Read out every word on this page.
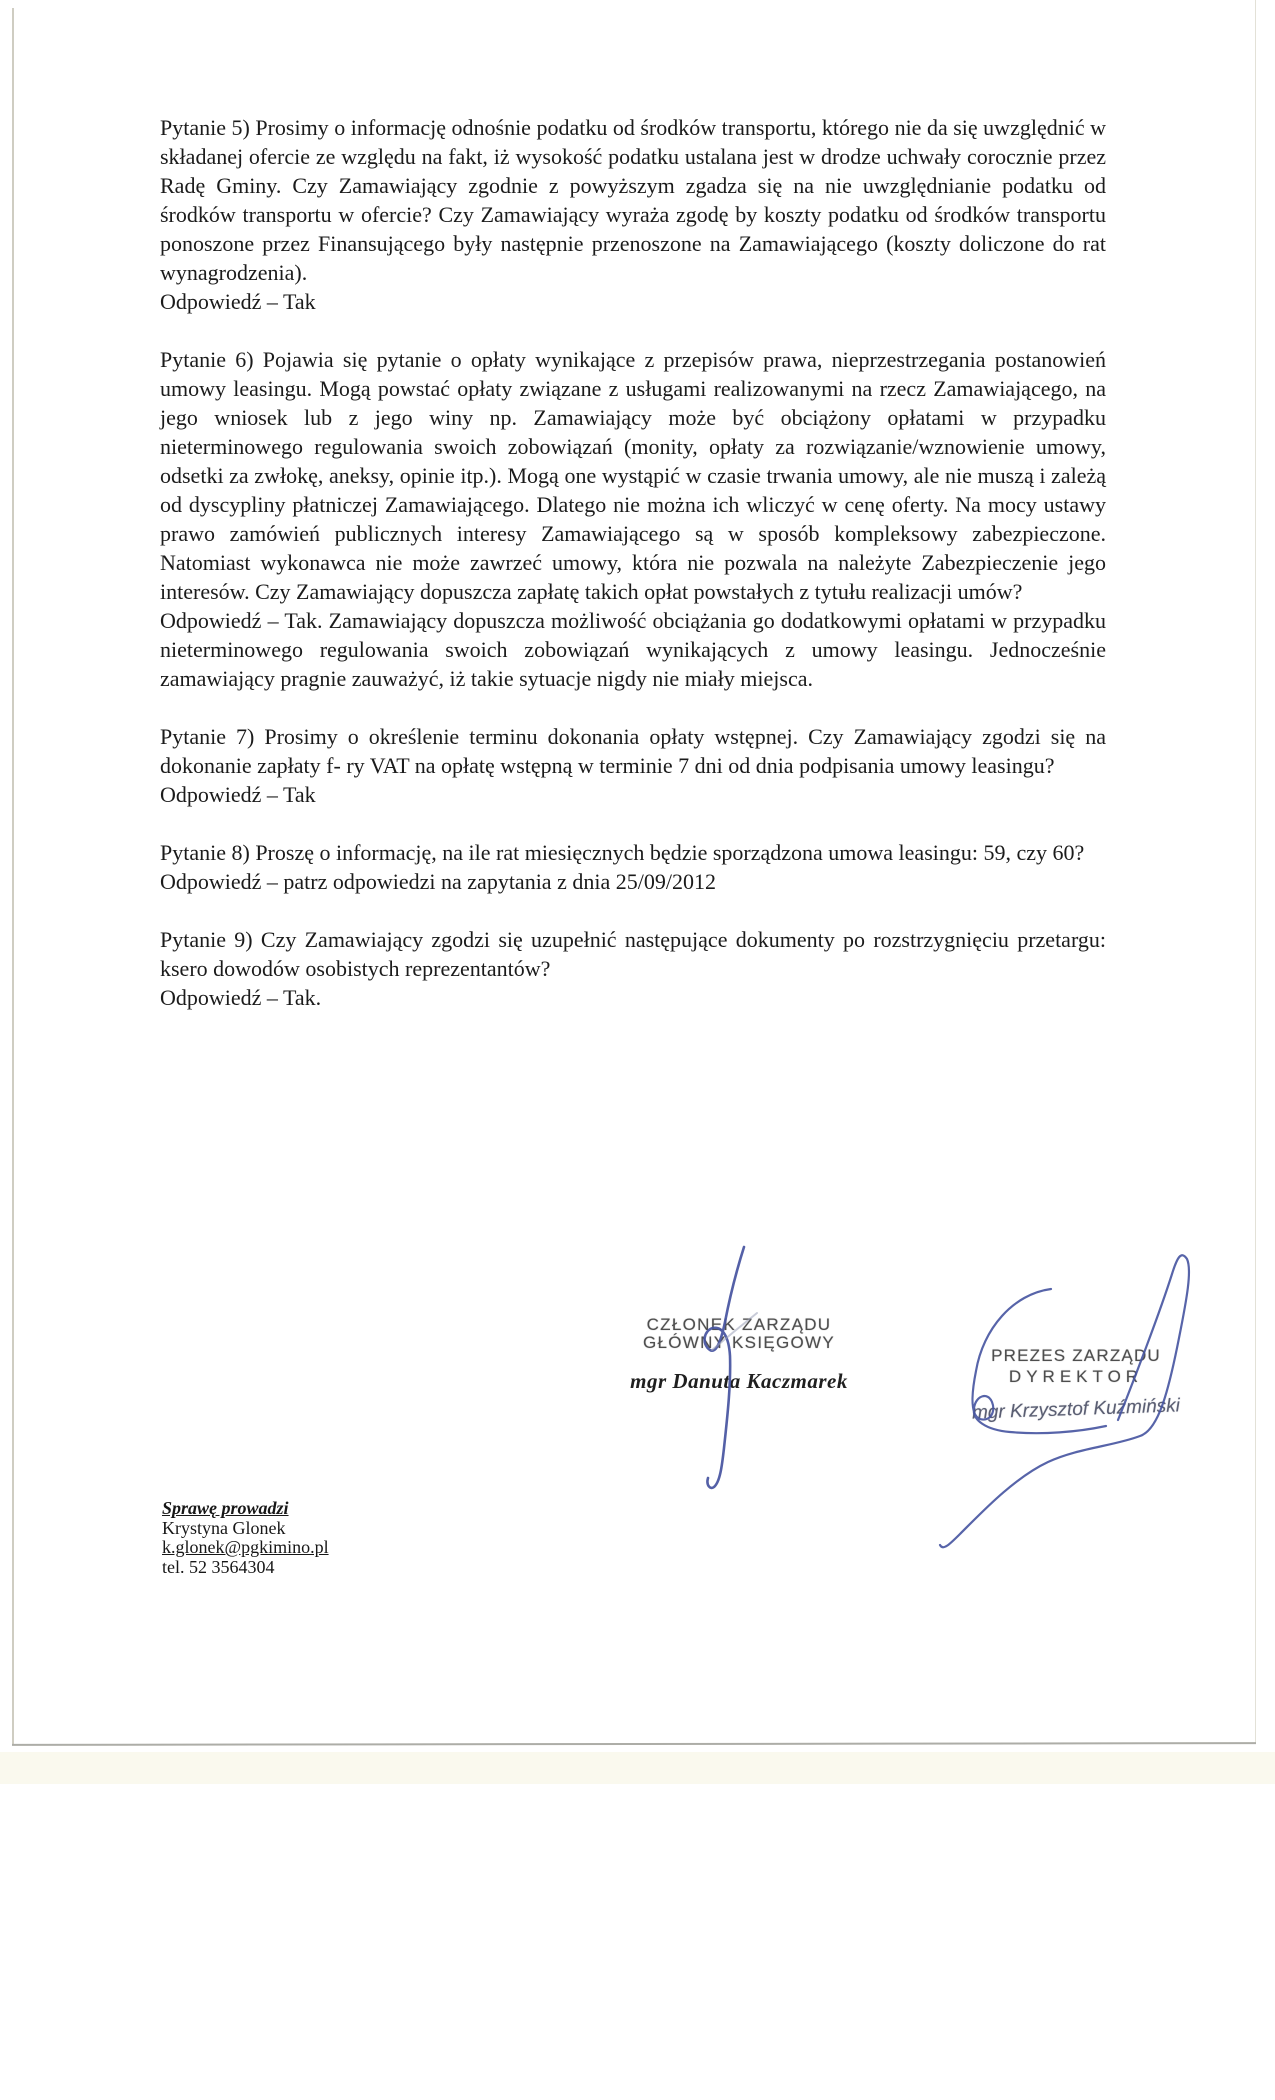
Pytanie 5) Prosimy o informację odnośnie podatku od środków transportu, którego nie da się uwzględnić w składanej ofercie ze względu na fakt, iż wysokość podatku ustalana jest w drodze uchwały corocznie przez Radę Gminy. Czy Zamawiający zgodnie z powyższym zgadza się na nie uwzględnianie podatku od środków transportu w ofercie? Czy Zamawiający wyraża zgodę by koszty podatku od środków transportu ponoszone przez Finansującego były następnie przenoszone na Zamawiającego (koszty doliczone do rat wynagrodzenia).

Odpowiedź – Tak

Pytanie 6) Pojawia się pytanie o opłaty wynikające z przepisów prawa, nieprzestrzegania postanowień umowy leasingu. Mogą powstać opłaty związane z usługami realizowanymi na rzecz Zamawiającego, na jego wniosek lub z jego winy np. Zamawiający może być obciążony opłatami w przypadku nieterminowego regulowania swoich zobowiązań (monity, opłaty za rozwiązanie/wznowienie umowy, odsetki za zwłokę, aneksy, opinie itp.). Mogą one wystąpić w czasie trwania umowy, ale nie muszą i zależą od dyscypliny płatniczej Zamawiającego. Dlatego nie można ich wliczyć w cenę oferty. Na mocy ustawy prawo zamówień publicznych interesy Zamawiającego są w sposób kompleksowy zabezpieczone. Natomiast wykonawca nie może zawrzeć umowy, która nie pozwala na należyte Zabezpieczenie jego interesów. Czy Zamawiający dopuszcza zapłatę takich opłat powstałych z tytułu realizacji umów?

Odpowiedź – Tak. Zamawiający dopuszcza możliwość obciążania go dodatkowymi opłatami w przypadku nieterminowego regulowania swoich zobowiązań wynikających z umowy leasingu. Jednocześnie zamawiający pragnie zauważyć, iż takie sytuacje nigdy nie miały miejsca.

Pytanie 7) Prosimy o określenie terminu dokonania opłaty wstępnej. Czy Zamawiający zgodzi się na dokonanie zapłaty f- ry VAT na opłatę wstępną w terminie 7 dni od dnia podpisania umowy leasingu?

Odpowiedź – Tak

Pytanie 8) Proszę o informację, na ile rat miesięcznych będzie sporządzona umowa leasingu: 59, czy 60?

Odpowiedź – patrz odpowiedzi na zapytania z dnia 25/09/2012

Pytanie 9) Czy Zamawiający zgodzi się uzupełnić następujące dokumenty po rozstrzygnięciu przetargu: ksero dowodów osobistych reprezentantów?

Odpowiedź – Tak.

CZŁONEK ZARZĄDU
GŁÓWNY KSIĘGOWY
mgr Danuta Kaczmarek
PREZES ZARZĄDU
DYREKTOR
mgr Krzysztof Kuźmiński
Sprawę prowadzi
Krystyna Glonek
k.glonek@pgkimino.pl
tel. 52 3564304
